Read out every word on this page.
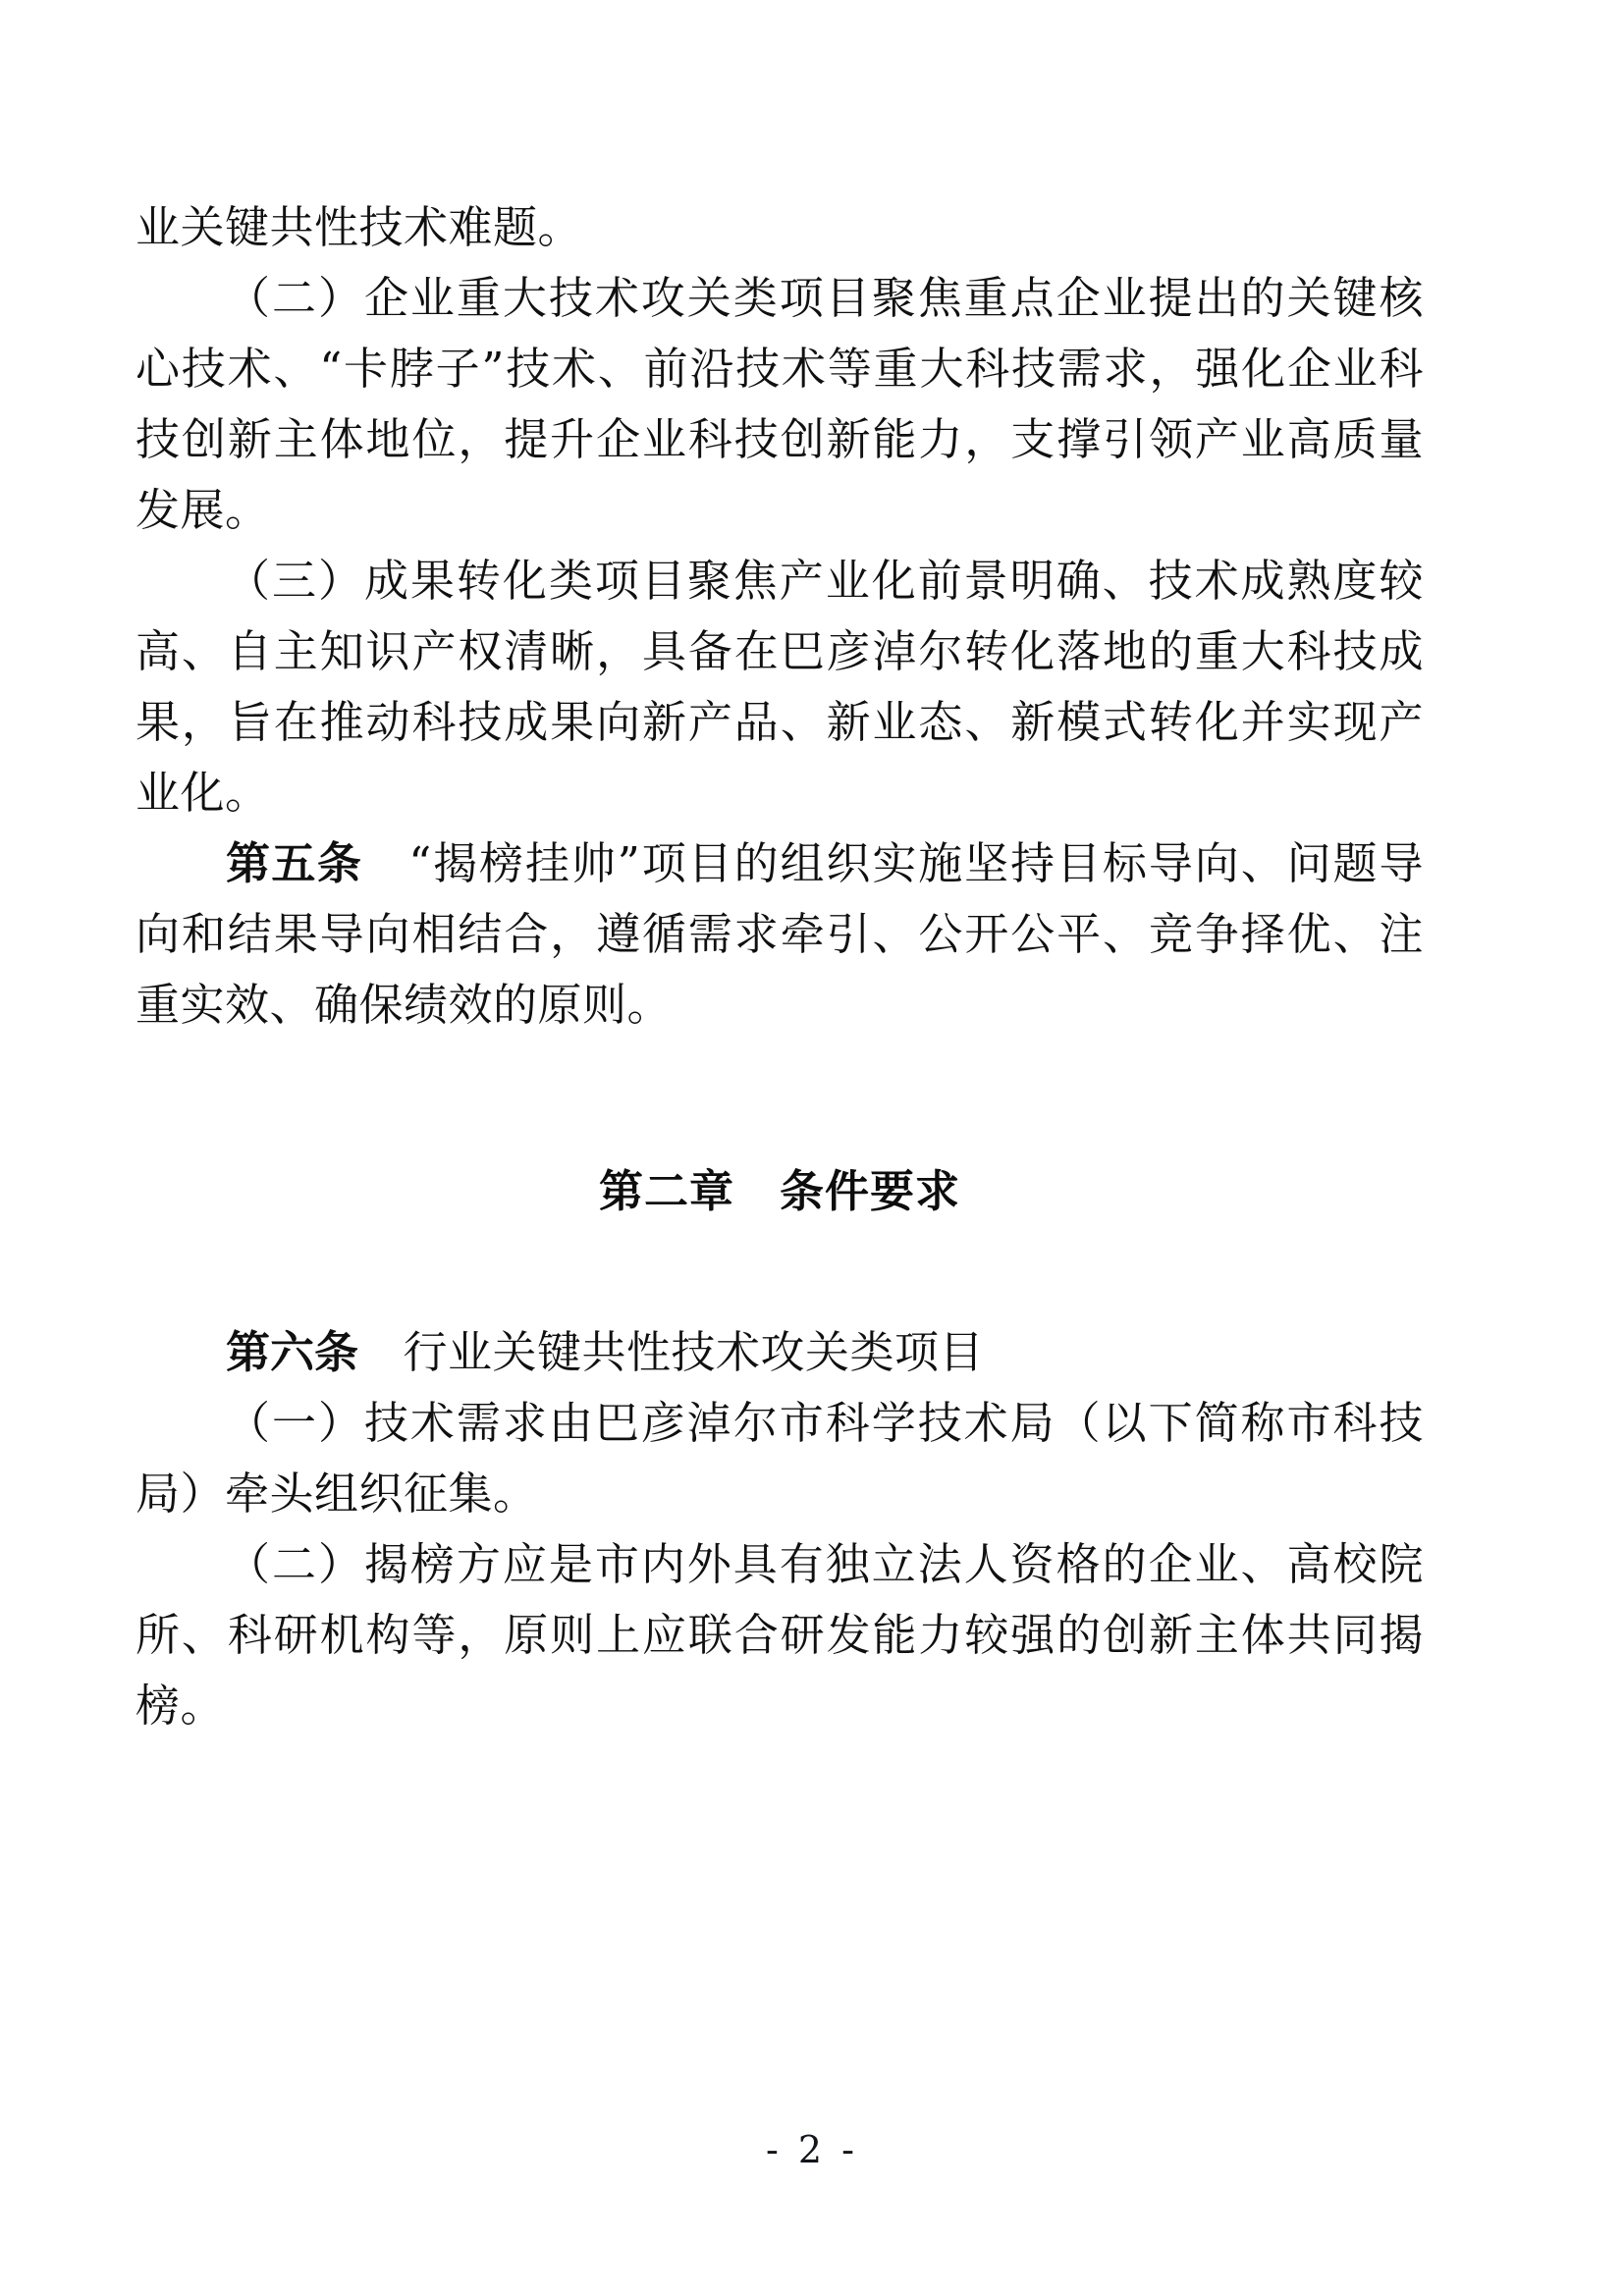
业关键共性技术难题。

（二）企业重大技术攻关类项目聚焦重点企业提出的关键核心技术、“卡脖子”技术、前沿技术等重大科技需求，强化企业科技创新主体地位，提升企业科技创新能力，支撑引领产业高质量发展。

（三）成果转化类项目聚焦产业化前景明确、技术成熟度较高、自主知识产权清晰，具备在巴彦淖尔转化落地的重大科技成果，旨在推动科技成果向新产品、新业态、新模式转化并实现产业化。

第五条　 “揭榜挂帅”项目的组织实施坚持目标导向、问题导向和结果导向相结合，遵循需求牵引、公开公平、竞争择优、注重实效、确保绩效的原则。

第二章　条件要求

第六条　 行业关键共性技术攻关类项目

（一）技术需求由巴彦淖尔市科学技术局（以下简称市科技局）牵头组织征集。

（二）揭榜方应是市内外具有独立法人资格的企业、高校院所、科研机构等，原则上应联合研发能力较强的创新主体共同揭榜。

- 2 -
